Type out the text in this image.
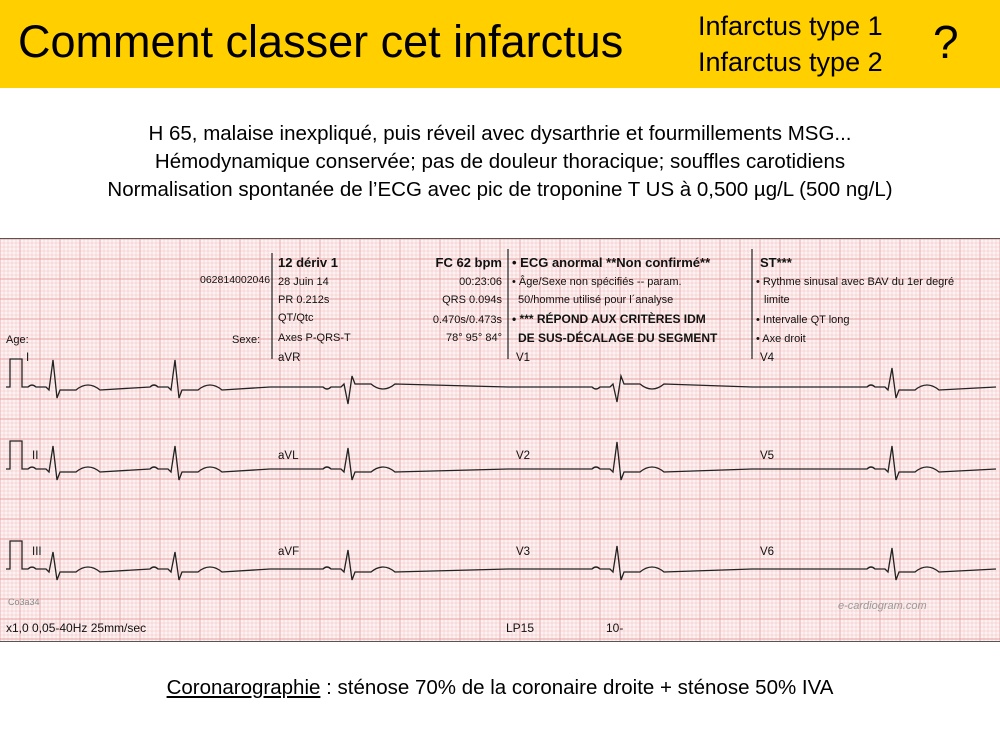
Comment classer cet infarctus	Infarctus type 1
Infarctus type 2 ?
H 65, malaise inexpliqué, puis réveil avec dysarthrie et fourmillements MSG...
Hémodynamique conservée; pas de douleur thoracique; souffles carotidiens
Normalisation spontanée de l’ECG avec pic de troponine T US à 0,500 µg/L (500 ng/L)
062814002046
Age:	Sexe:
12 dériv 1
28 Juin 14
PR 0.212s
QT/Qtc
Axes P-QRS-T
FC 62 bpm
00:23:06
QRS 0.094s
0.470s/0.473s
78° 95° 84°
• ECG anormal **Non confirmé**
• Âge/Sexe non spécifiés -- param.
50/homme utilisé pour l´analyse
• *** RÉPOND AUX CRITÈRES IDM
DE SUS-DÉCALAGE DU SEGMENT
ST***
• Rythme sinusal avec BAV du 1er degré
limite
• Intervalle QT long
• Axe droit
I	aVR	V1	V4
II	aVL	V2	V5
III	aVF	V3	V6
Co3a34	e-cardiogram.com
x1,0 0,05-40Hz 25mm/sec	LP15	10-
Coronarographie : sténose 70% de la coronaire droite + sténose 50% IVA
